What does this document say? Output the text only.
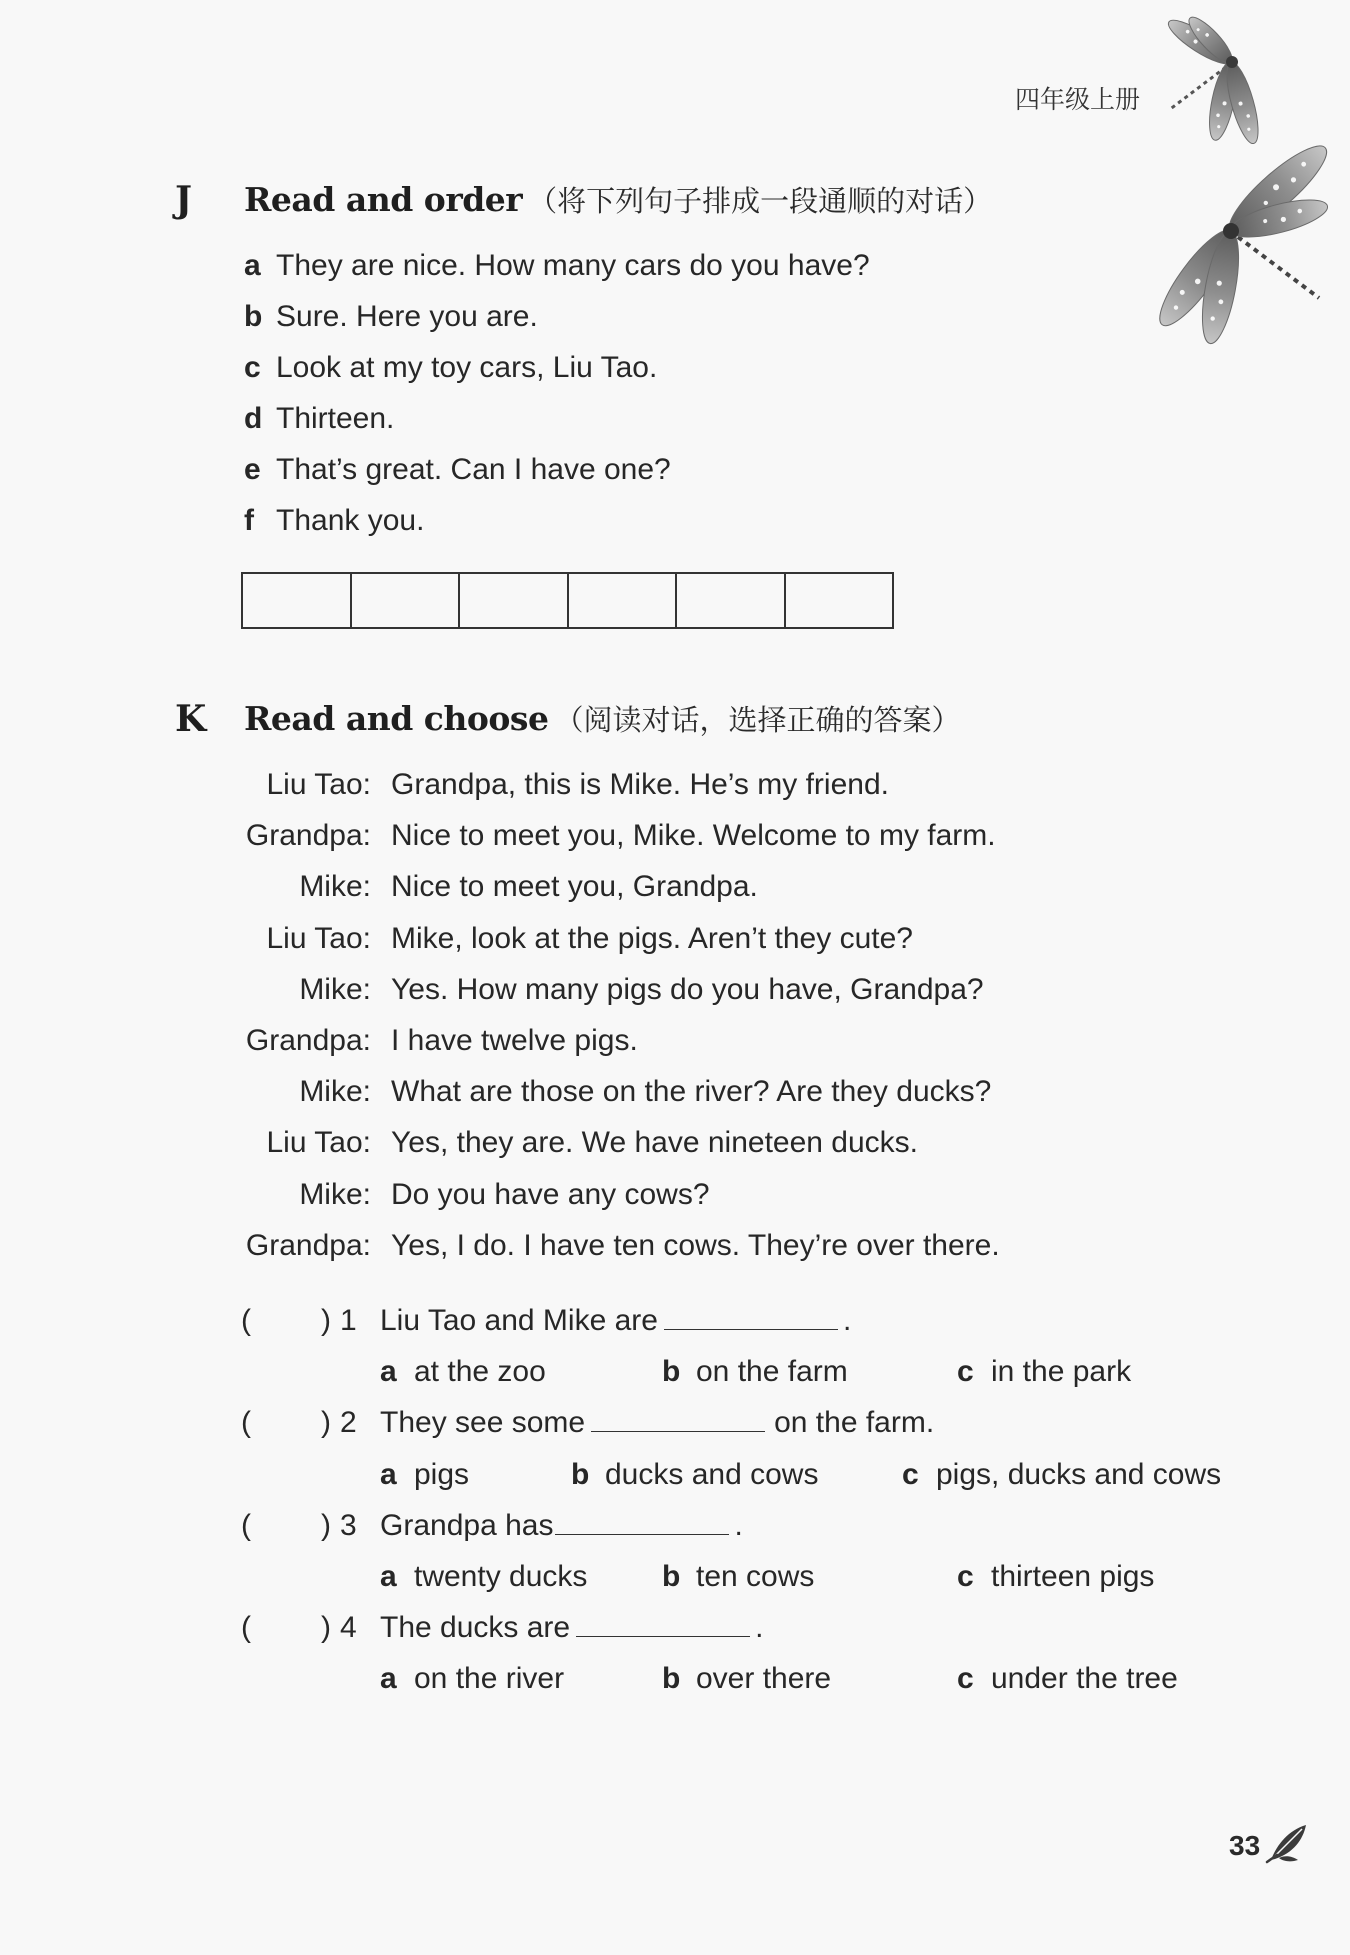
四年级上册
J Read and order （将下列句子排成一段通顺的对话）
a They are nice. How many cars do you have?
b Sure. Here you are.
c Look at my toy cars, Liu Tao.
d Thirteen.
e That’s great. Can I have one?
f Thank you.
K Read and choose （阅读对话，选择正确的答案）
Liu Tao: Grandpa, this is Mike. He’s my friend.
Grandpa: Nice to meet you, Mike. Welcome to my farm.
Mike: Nice to meet you, Grandpa.
Liu Tao: Mike, look at the pigs. Aren’t they cute?
Mike: Yes. How many pigs do you have, Grandpa?
Grandpa: I have twelve pigs.
Mike: What are those on the river? Are they ducks?
Liu Tao: Yes, they are. We have nineteen ducks.
Mike: Do you have any cows?
Grandpa: Yes, I do. I have ten cows. They’re over there.
( ) 1 Liu Tao and Mike are	.
a at the zoo	b on the farm	c in the park
( ) 2 They see some	on the farm.
a pigs	b ducks and cows	c pigs, ducks and cows
( ) 3 Grandpa has	.
a twenty ducks b ten cows	c thirteen pigs
( ) 4 The ducks are	.
a on the river	b over there	c under the tree
33
